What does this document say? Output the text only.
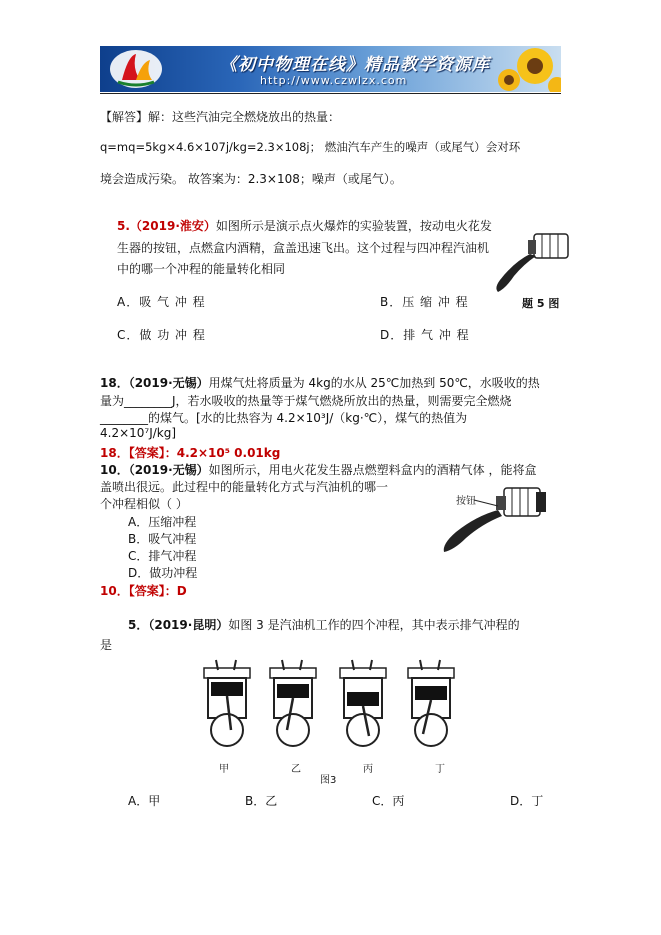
《初中物理在线》精品教学资源库
http://www.czwlzx.com
【解答】解：这些汽油完全燃烧放出的热量：
q=mq=5kg×4.6×107j/kg=2.3×108j； 燃油汽车产生的噪声（或尾气）会对环
境会造成污染。 故答案为：2.3×108；噪声（或尾气）。
5.（2019·淮安）如图所示是演示点火爆炸的实验装置，按动电火花发
生器的按钮，点燃盒内酒精，盒盖迅速飞出。这个过程与四冲程汽油机
中的哪一个冲程的能量转化相同
题 5 图
A．吸 气 冲 程	B．压 缩 冲 程
C．做 功 冲 程	D．排 气 冲 程
18．（2019·无锡）用煤气灶将质量为 4kg的水从 25℃加热到 50℃，水吸收的热
量为________J，若水吸收的热量等于煤气燃烧所放出的热量，则需要完全燃烧
________的煤气。[水的比热容为 4.2×10³J/（kg·℃），煤气的热值为
4.2×10⁷J/kg]
18．【答案】：4.2×10⁵ 0.01kg
10．（2019·无锡）如图所示，用电火花发生器点燃塑料盒内的酒精气体 ，能将盒
盖喷出很远。此过程中的能量转化方式与汽油机的哪一
个冲程相似（ ）	按钮
A．压缩冲程
B．吸气冲程
C．排气冲程
D．做功冲程
10．【答案】：D
5．（2019·昆明）如图 3 是汽油机工作的四个冲程，其中表示排气冲程的
是
甲	乙	丙	丁
图3
A．甲	B．乙	C．丙	D．丁
